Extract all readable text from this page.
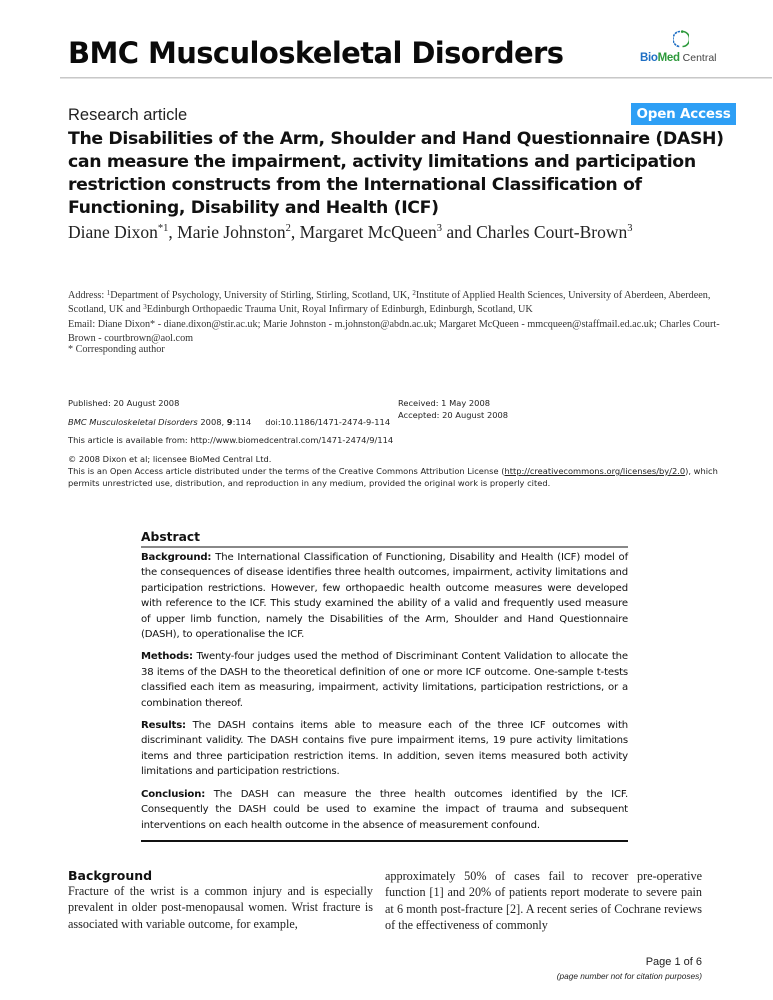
BMC Musculoskeletal Disorders	BioMed Central
Research article	Open Access
The Disabilities of the Arm, Shoulder and Hand Questionnaire (DASH) can measure the impairment, activity limitations and participation restriction constructs from the International Classification of Functioning, Disability and Health (ICF)
Diane Dixon$^{*1}$, Marie Johnston$^2$, Margaret McQueen$^3$ and Charles Court-Brown$^3$
Address: $^1$Department of Psychology, University of Stirling, Stirling, Scotland, UK, $^2$Institute of Applied Health Sciences, University of Aberdeen, Aberdeen, Scotland, UK and $^3$Edinburgh Orthopaedic Trauma Unit, Royal Infirmary of Edinburgh, Edinburgh, Scotland, UK
Email: Diane Dixon* - diane.dixon@stir.ac.uk; Marie Johnston - m.johnston@abdn.ac.uk; Margaret McQueen - mmcqueen@staffmail.ed.ac.uk; Charles Court-Brown - courtbrown@aol.com
* Corresponding author
Published: 20 August 2008	Received: 1 May 2008
Accepted: 20 August 2008
BMC Musculoskeletal Disorders 2008, 9:114 doi:10.1186/1471-2474-9-114
This article is available from: http://www.biomedcentral.com/1471-2474/9/114
© 2008 Dixon et al; licensee BioMed Central Ltd.
This is an Open Access article distributed under the terms of the Creative Commons Attribution License (http://creativecommons.org/licenses/by/2.0), which permits unrestricted use, distribution, and reproduction in any medium, provided the original work is properly cited.
Abstract

Background: The International Classification of Functioning, Disability and Health (ICF) model of the consequences of disease identifies three health outcomes, impairment, activity limitations and participation restrictions. However, few orthopaedic health outcome measures were developed with reference to the ICF. This study examined the ability of a valid and frequently used measure of upper limb function, namely the Disabilities of the Arm, Shoulder and Hand Questionnaire (DASH), to operationalise the ICF.

Methods: Twenty-four judges used the method of Discriminant Content Validation to allocate the 38 items of the DASH to the theoretical definition of one or more ICF outcome. One-sample t-tests classified each item as measuring, impairment, activity limitations, participation restrictions, or a combination thereof.

Results: The DASH contains items able to measure each of the three ICF outcomes with discriminant validity. The DASH contains five pure impairment items, 19 pure activity limitations items and three participation restriction items. In addition, seven items measured both activity limitations and participation restrictions.

Conclusion: The DASH can measure the three health outcomes identified by the ICF. Consequently the DASH could be used to examine the impact of trauma and subsequent interventions on each health outcome in the absence of measurement confound.

Background
Fracture of the wrist is a common injury and is especially prevalent in older post-menopausal women. Wrist fracture is associated with variable outcome, for example,
approximately 50% of cases fail to recover pre-operative function [1] and 20% of patients report moderate to severe pain at 6 month post-fracture [2]. A recent series of Cochrane reviews of the effectiveness of commonly
Page 1 of 6
(page number not for citation purposes)
